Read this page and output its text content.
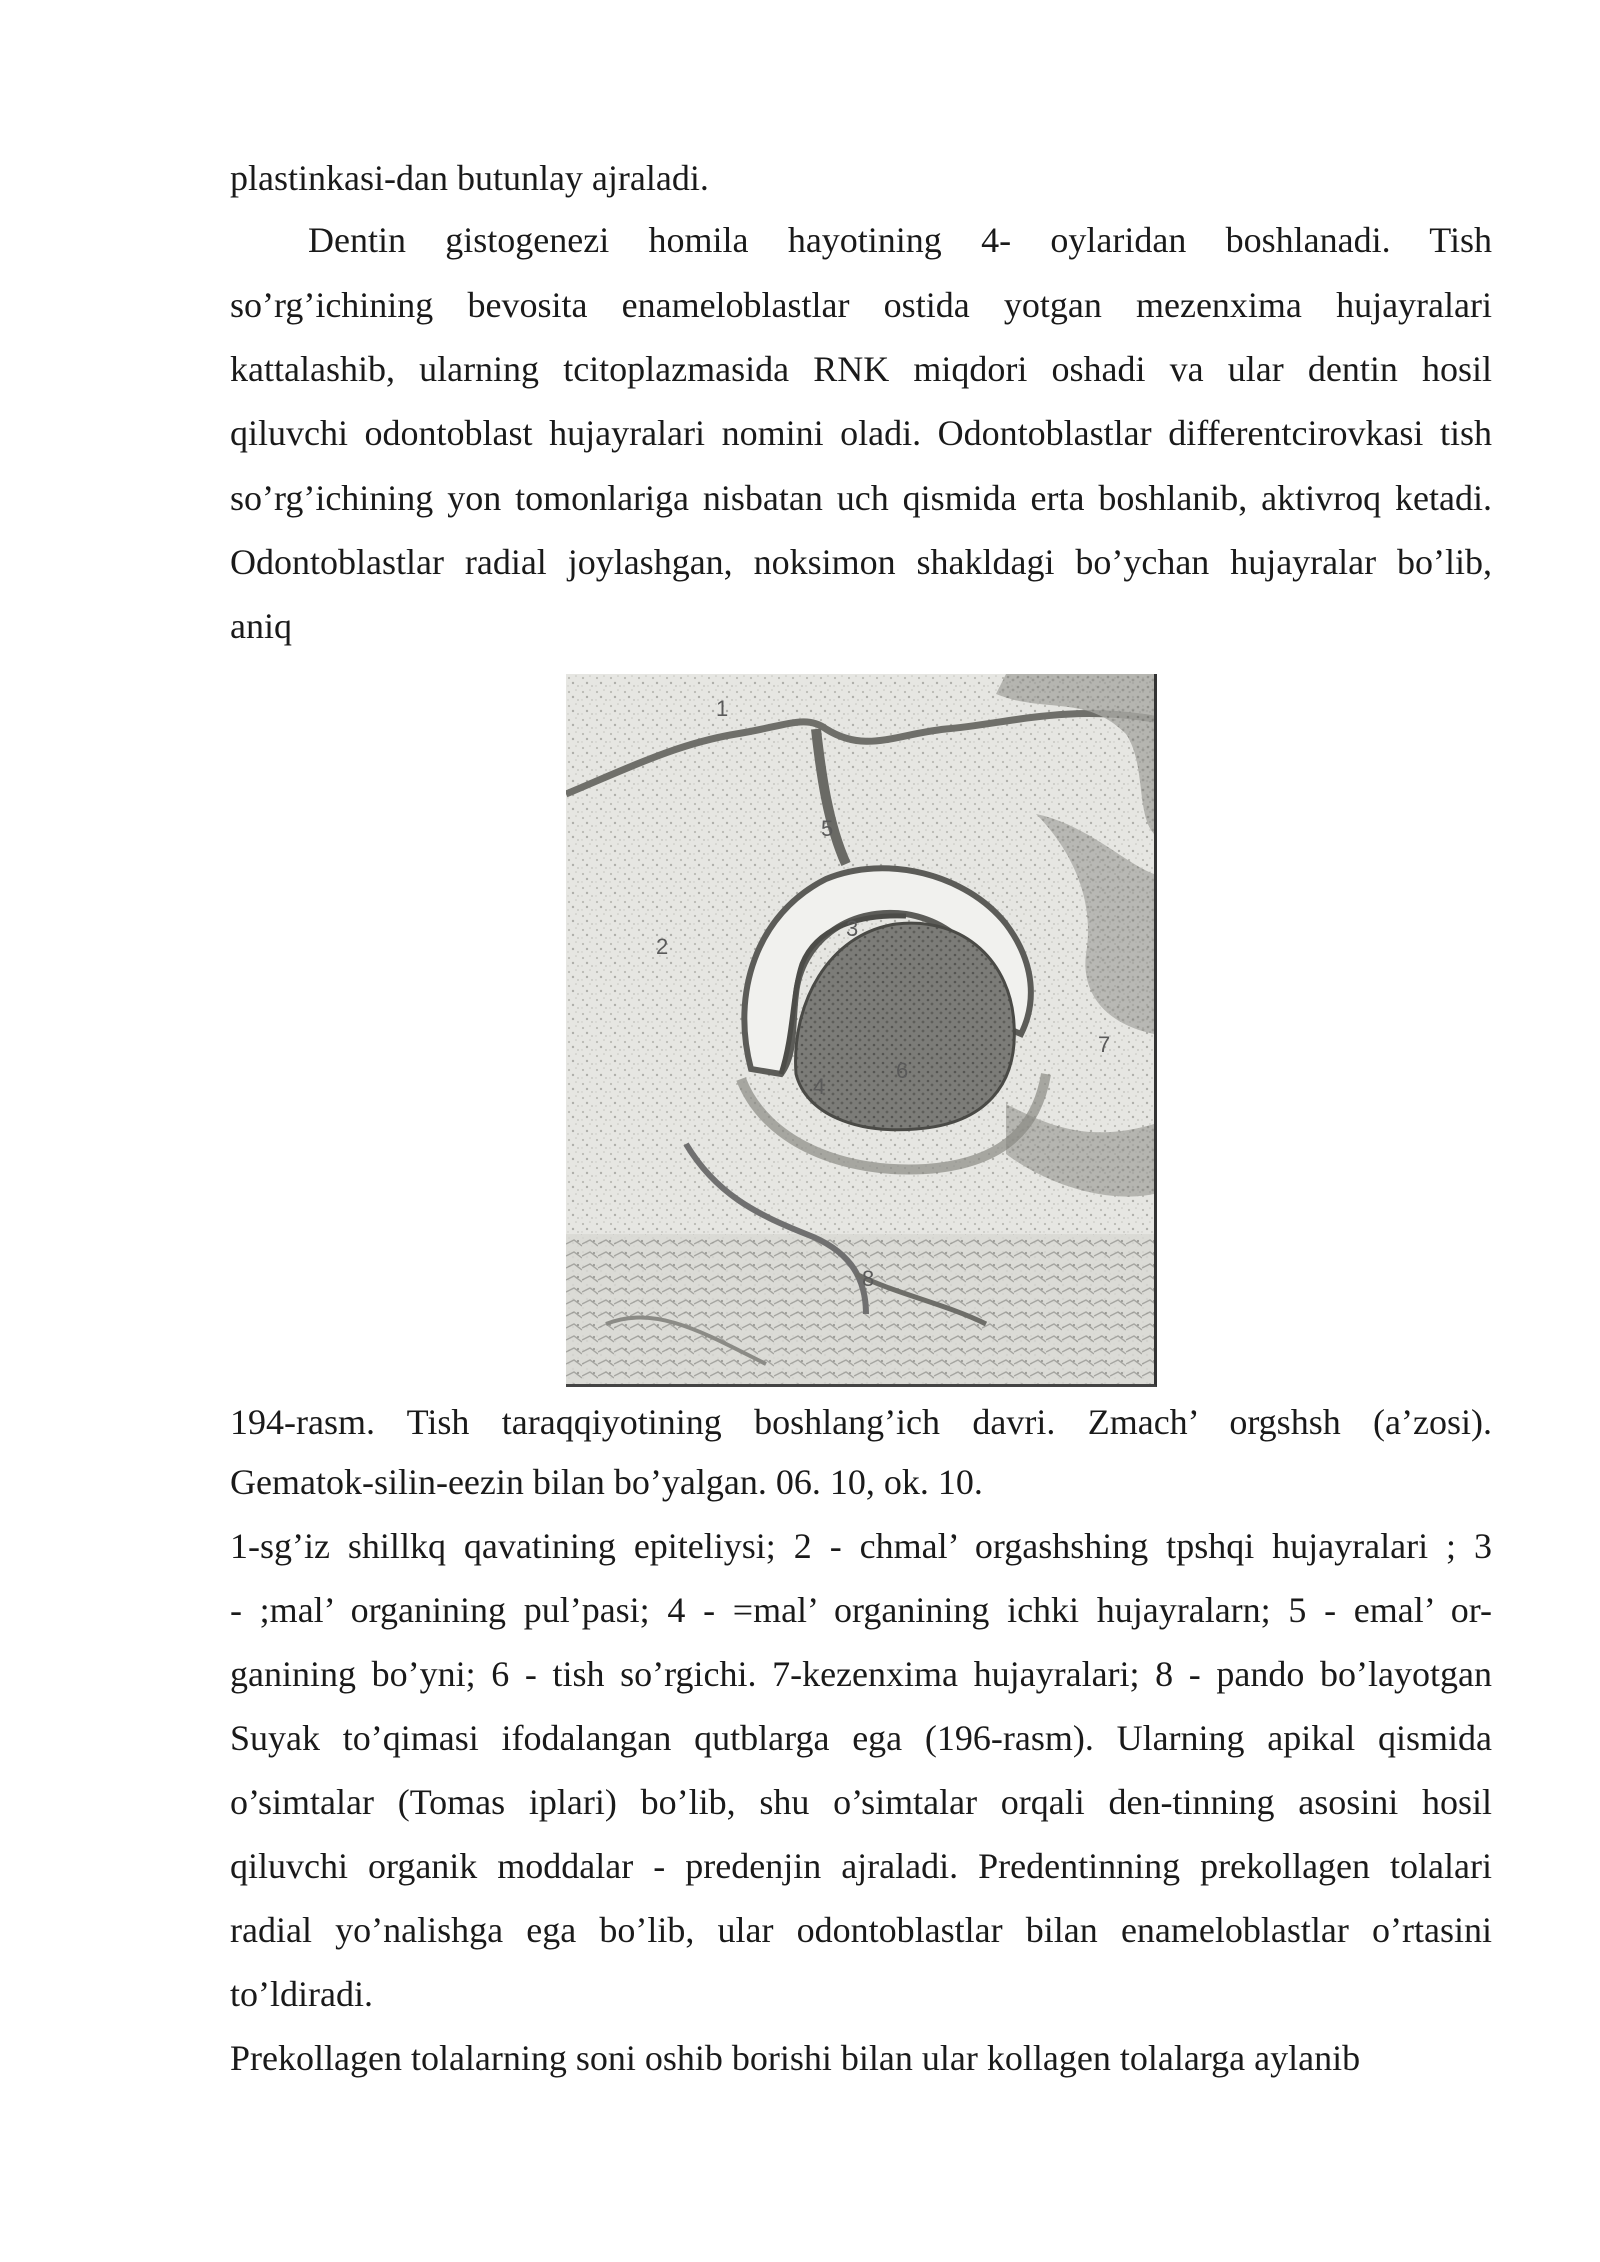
plastinkasi-dan butunlay ajraladi.
Dentin gistogenezi homila hayotining 4- oylaridan boshlanadi. Tish
so’rg’ichining bevosita enameloblastlar ostida yotgan mezenxima hujayralari
kattalashib, ularning tcitoplazmasida RNK miqdori oshadi va ular dentin hosil
qiluvchi odontoblast hujayralari nomini oladi. Odontoblastlar differentcirovkasi tish
so’rg’ichining yon tomonlariga nisbatan uch qismida erta boshlanib, aktivroq ketadi.
Odontoblastlar radial joylashgan, noksimon shakldagi bo’ychan hujayralar bo’lib,
aniq
194-rasm. Tish taraqqiyotining boshlang’ich davri. Zmach’ orgshsh (a’zosi).
Gematok-silin-eezin bilan bo’yalgan. 06. 10, ok. 10.
1-sg’iz shillkq qavatining epiteliysi; 2 - chmal’ orgashshing tpshqi hujayralari ; 3
- ;mal’ organining pul’pasi; 4 - =mal’ organining ichki hujayralarn; 5 - emal’ or-
ganining bo’yni; 6 - tish so’rgichi. 7-kezenxima hujayralari; 8 - pando bo’layotgan
Suyak to’qimasi ifodalangan qutblarga ega (196-rasm). Ularning apikal qismida
o’simtalar (Tomas iplari) bo’lib, shu o’simtalar orqali den-tinning asosini hosil
qiluvchi organik moddalar - predenjin ajraladi. Predentinning prekollagen tolalari
radial yo’nalishga ega bo’lib, ular odontoblastlar bilan enameloblastlar o’rtasini
to’ldiradi.
Prekollagen tolalarning soni oshib borishi bilan ular kollagen tolalarga aylanib
1
2
3
4
5
6
7
8
